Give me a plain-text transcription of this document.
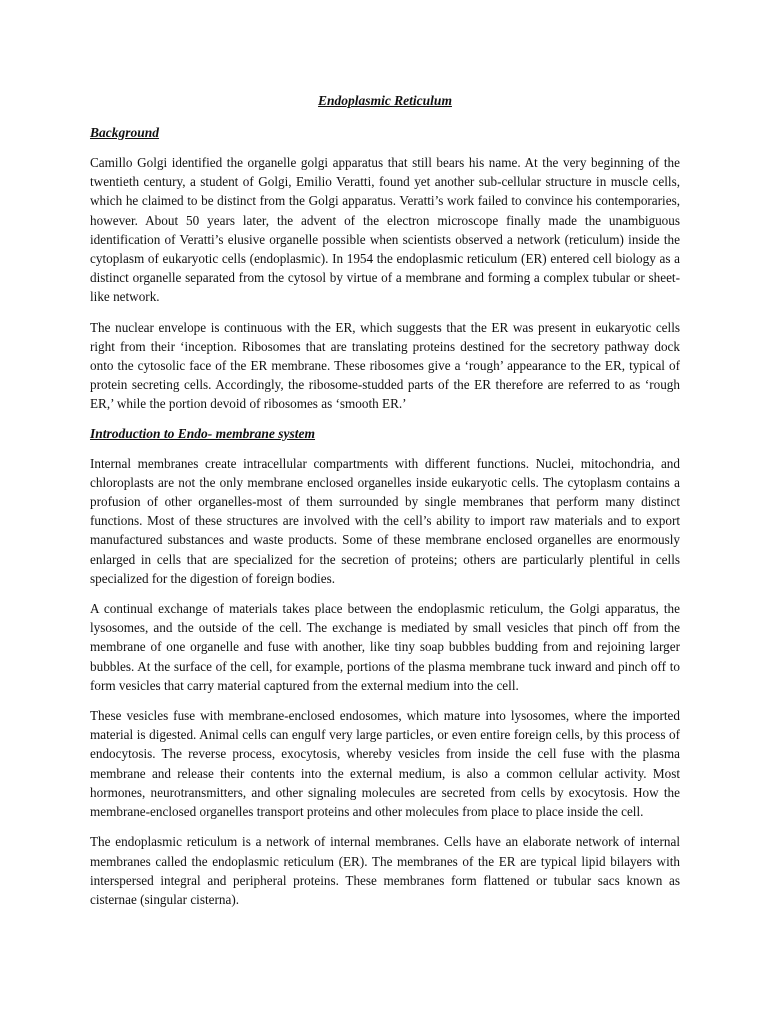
Endoplasmic Reticulum
Background

Camillo Golgi identified the organelle golgi apparatus that still bears his name. At the very beginning of the twentieth century, a student of Golgi, Emilio Veratti, found yet another sub-cellular structure in muscle cells, which he claimed to be distinct from the Golgi apparatus. Veratti’s work failed to convince his contemporaries, however. About 50 years later, the advent of the electron microscope finally made the unambiguous identification of Veratti’s elusive organelle possible when scientists observed a network (reticulum) inside the cytoplasm of eukaryotic cells (endoplasmic). In 1954 the endoplasmic reticulum (ER) entered cell biology as a distinct organelle separated from the cytosol by virtue of a membrane and forming a complex tubular or sheet-like network.

The nuclear envelope is continuous with the ER, which suggests that the ER was present in eukaryotic cells right from their ‘inception. Ribosomes that are translating proteins destined for the secretory pathway dock onto the cytosolic face of the ER membrane. These ribosomes give a ‘rough’ appearance to the ER, typical of protein secreting cells. Accordingly, the ribosome-studded parts of the ER therefore are referred to as ‘rough ER,’ while the portion devoid of ribosomes as ‘smooth ER.’

Introduction to Endo- membrane system

Internal membranes create intracellular compartments with different functions. Nuclei, mitochondria, and chloroplasts are not the only membrane enclosed organelles inside eukaryotic cells. The cytoplasm contains a profusion of other organelles-most of them surrounded by single membranes that perform many distinct functions. Most of these structures are involved with the cell’s ability to import raw materials and to export manufactured substances and waste products. Some of these membrane enclosed organelles are enormously enlarged in cells that are specialized for the secretion of proteins; others are particularly plentiful in cells specialized for the digestion of foreign bodies.

A continual exchange of materials takes place between the endoplasmic reticulum, the Golgi apparatus, the lysosomes, and the outside of the cell. The exchange is mediated by small vesicles that pinch off from the membrane of one organelle and fuse with another, like tiny soap bubbles budding from and rejoining larger bubbles. At the surface of the cell, for example, portions of the plasma membrane tuck inward and pinch off to form vesicles that carry material captured from the external medium into the cell.

These vesicles fuse with membrane-enclosed endosomes, which mature into lysosomes, where the imported material is digested. Animal cells can engulf very large particles, or even entire foreign cells, by this process of endocytosis. The reverse process, exocytosis, whereby vesicles from inside the cell fuse with the plasma membrane and release their contents into the external medium, is also a common cellular activity. Most hormones, neurotransmitters, and other signaling molecules are secreted from cells by exocytosis. How the membrane-enclosed organelles transport proteins and other molecules from place to place inside the cell.

The endoplasmic reticulum is a network of internal membranes. Cells have an elaborate network of internal membranes called the endoplasmic reticulum (ER). The membranes of the ER are typical lipid bilayers with interspersed integral and peripheral proteins. These membranes form flattened or tubular sacs known as cisternae (singular cisterna).
